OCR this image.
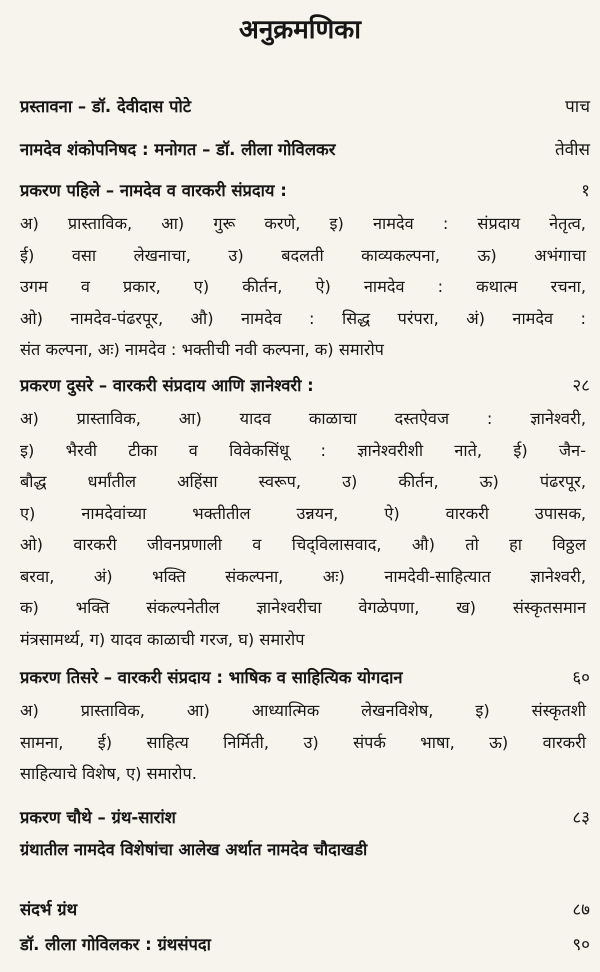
अनुक्रमणिका
प्रस्तावना – डॉ. देवीदास पोटे	पाच
नामदेव शंकोपनिषद : मनोगत – डॉ. लीला गोविलकर	तेवीस
प्रकरण पहिले – नामदेव व वारकरी संप्रदाय :	१
अ) प्रास्ताविक, आ) गुरू करणे, इ) नामदेव : संप्रदाय नेतृत्व,
ई) वसा लेखनाचा, उ) बदलती काव्यकल्पना, ऊ) अभंगाचा
उगम व प्रकार, ए) कीर्तन, ऐ) नामदेव : कथात्म रचना,
ओ) नामदेव-पंढरपूर, औ) नामदेव : सिद्ध परंपरा, अं) नामदेव :
संत कल्पना, अः) नामदेव : भक्तीची नवी कल्पना, क) समारोप
प्रकरण दुसरे – वारकरी संप्रदाय आणि ज्ञानेश्वरी :	२८
अ) प्रास्ताविक, आ) यादव काळाचा दस्तऐवज : ज्ञानेश्वरी,
इ) भैरवी टीका व विवेकसिंधू : ज्ञानेश्वरीशी नाते, ई) जैन-
बौद्ध धर्मांतील अहिंसा स्वरूप, उ) कीर्तन, ऊ) पंढरपूर,
ए) नामदेवांच्या भक्तीतील उन्नयन, ऐ) वारकरी उपासक,
ओ) वारकरी जीवनप्रणाली व चिद्‌विलासवाद, औ) तो हा विठ्ठल
बरवा, अं) भक्ति संकल्पना, अः) नामदेवी-साहित्यात ज्ञानेश्वरी,
क) भक्ति संकल्पनेतील ज्ञानेश्वरीचा वेगळेपणा, ख) संस्कृतसमान
मंत्रसामर्थ्य, ग) यादव काळाची गरज, घ) समारोप
प्रकरण तिसरे – वारकरी संप्रदाय : भाषिक व साहित्यिक योगदान	६०
अ) प्रास्ताविक, आ) आध्यात्मिक लेखनविशेष, इ) संस्कृतशी
सामना, ई) साहित्य निर्मिती, उ) संपर्क भाषा, ऊ) वारकरी
साहित्याचे विशेष, ए) समारोप.
प्रकरण चौथे – ग्रंथ-सारांश	८३
ग्रंथातील नामदेव विशेषांचा आलेख अर्थात नामदेव चौदाखडी
संदर्भ ग्रंथ	८७
डॉ. लीला गोविलकर : ग्रंथसंपदा	९०
